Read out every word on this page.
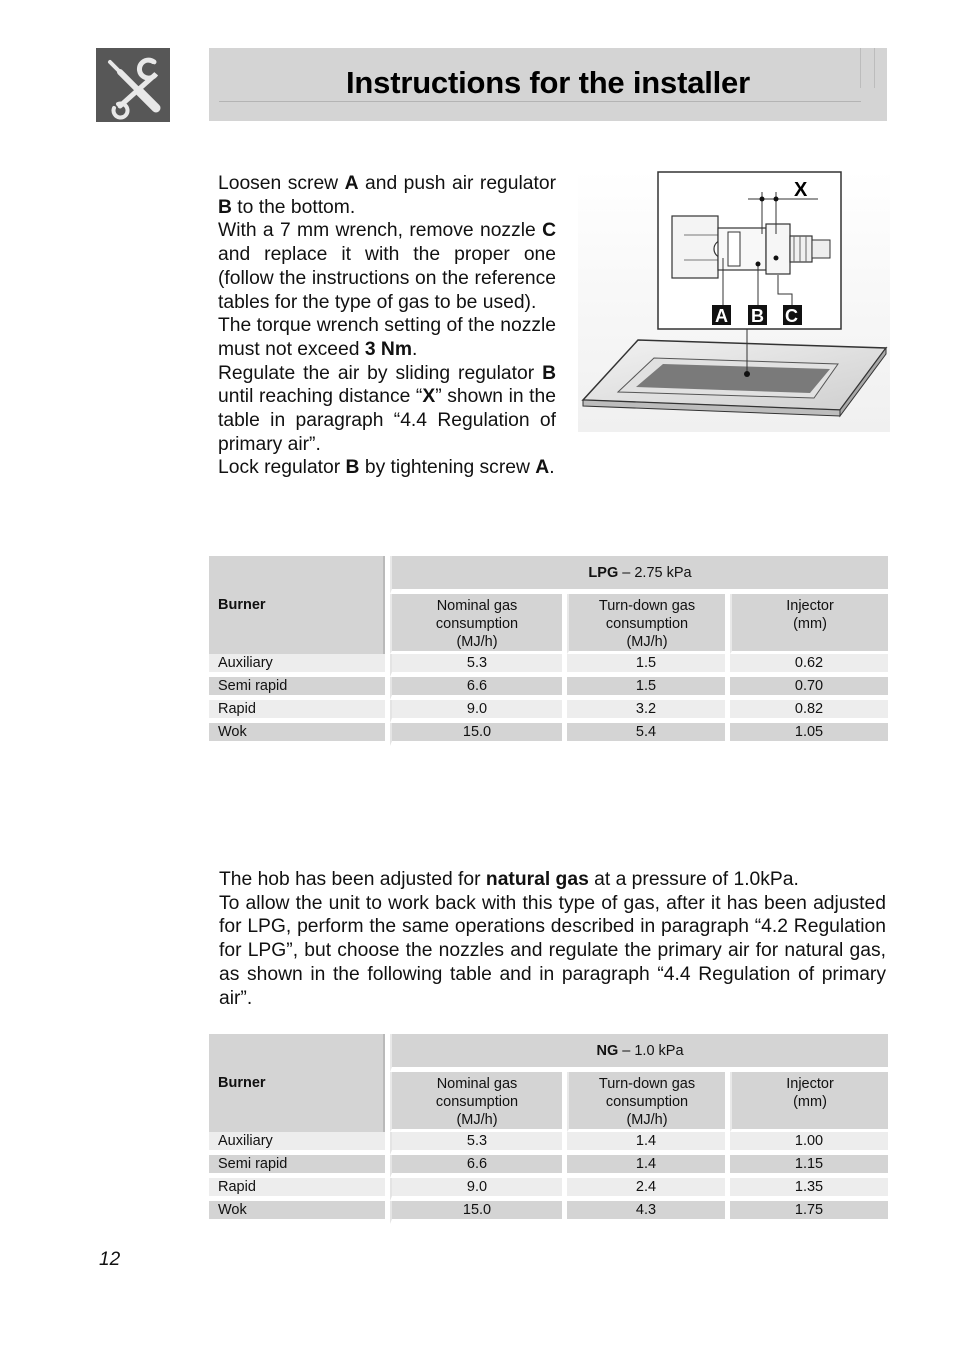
Instructions for the installer

Loosen screw A and push air regulator B to the bottom.

With a 7 mm wrench, remove nozzle C and replace it with the proper one (follow the instructions on the reference tables for the type of gas to be used).

The torque wrench setting of the nozzle must not exceed 3 Nm.

Regulate the air by sliding regulator B until reaching distance “X” shown in the table in paragraph “4.4 Regulation of primary air”.

Lock regulator B by tightening screw A.

X
A B C
Burner	LPG – 2.75 kPa		
	Nominal gas
consumption
(MJ/h)	Turn-down gas
consumption
(MJ/h)	Injector
(mm)

Auxiliary	5.3	1.5	0.62
Semi rapid	6.6	1.5	0.70
Rapid	9.0	3.2	0.82
Wok	15.0	5.4	1.05

The hob has been adjusted for natural gas at a pressure of 1.0kPa.

To allow the unit to work back with this type of gas, after it has been adjusted for LPG, perform the same operations described in paragraph “4.2 Regulation for LPG”, but choose the nozzles and regulate the primary air for natural gas, as shown in the following table and in paragraph “4.4 Regulation of primary air”.

Burner	NG – 1.0 kPa		
	Nominal gas
consumption
(MJ/h)	Turn-down gas
consumption
(MJ/h)	Injector
(mm)

Auxiliary	5.3	1.4	1.00
Semi rapid	6.6	1.4	1.15
Rapid	9.0	2.4	1.35
Wok	15.0	4.3	1.75
12
